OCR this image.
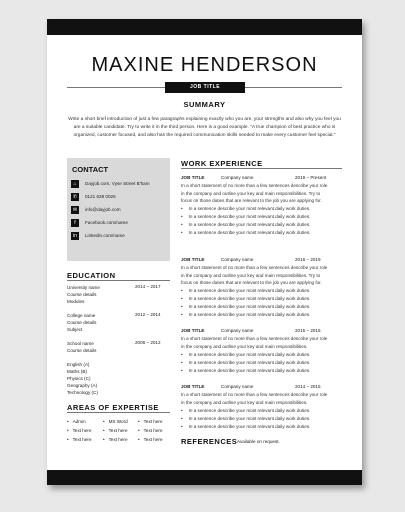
MAXINE HENDERSON
JOB TITLE
SUMMARY
Write a short brief introduction of just a few paragraphs explaining exactly who you are, your strengths and also why you feel you are a suitable candidate. Try to write it in the third person. Here is a good example. "A true champion of best practice who is organized, customer focused, and also has the required communication skills needed to make every customer feel special."
CONTACT
⌂	Dayjob.com, Vyse Street B'ham
✆	0121 638 0026
✉	info@dayjob.com
f	Facebook.com/name
in	Linkedin.com/name
EDUCATION
University name	2014 – 2017
Course details
Modules
College name	2012 – 2014
Course details
Subject
School name	2006 – 2012
Course details
English (A)
Maths (B)
Physics (C)
Geography (A)
Technology (C)
AREAS OF EXPERTISE
• Admin
• Text here
• Text here
• MS Word
• Text here
• Text here
• Text here
• Text here
• Text here
WORK EXPERIENCE
JOB TITLE	Company name	2019 – Present
In a short statement of no more than a few sentences describe your role in the company and outline your key and main responsibilities. Try to focus on those duties that are relevant to the job you are applying for.
• In a sentence describe your most relevant daily work duties.
• In a sentence describe your most relevant daily work duties.
• In a sentence describe your most relevant daily work duties.
• In a sentence describe your most relevant daily work duties.
JOB TITLE	Company name	2016 – 2019
In a short statement of no more than a few sentences describe your role in the company and outline your key and main responsibilities. Try to focus on those duties that are relevant to the job you are applying for.
• In a sentence describe your most relevant daily work duties.
• In a sentence describe your most relevant daily work duties.
• In a sentence describe your most relevant daily work duties.
• In a sentence describe your most relevant daily work duties.
JOB TITLE	Company name	2015 – 2016
In a short statement of no more than a few sentences describe your role in the company and outline your key and main responsibilities.
• In a sentence describe your most relevant daily work duties.
• In a sentence describe your most relevant daily work duties.
• In a sentence describe your most relevant daily work duties.
JOB TITLE	Company name	2014 – 2015
In a short statement of no more than a few sentences describe your role in the company and outline your key and main responsibilities.
• In a sentence describe your most relevant daily work duties.
• In a sentence describe your most relevant daily work duties.
• In a sentence describe your most relevant daily work duties.
REFERENCES Available on request.
